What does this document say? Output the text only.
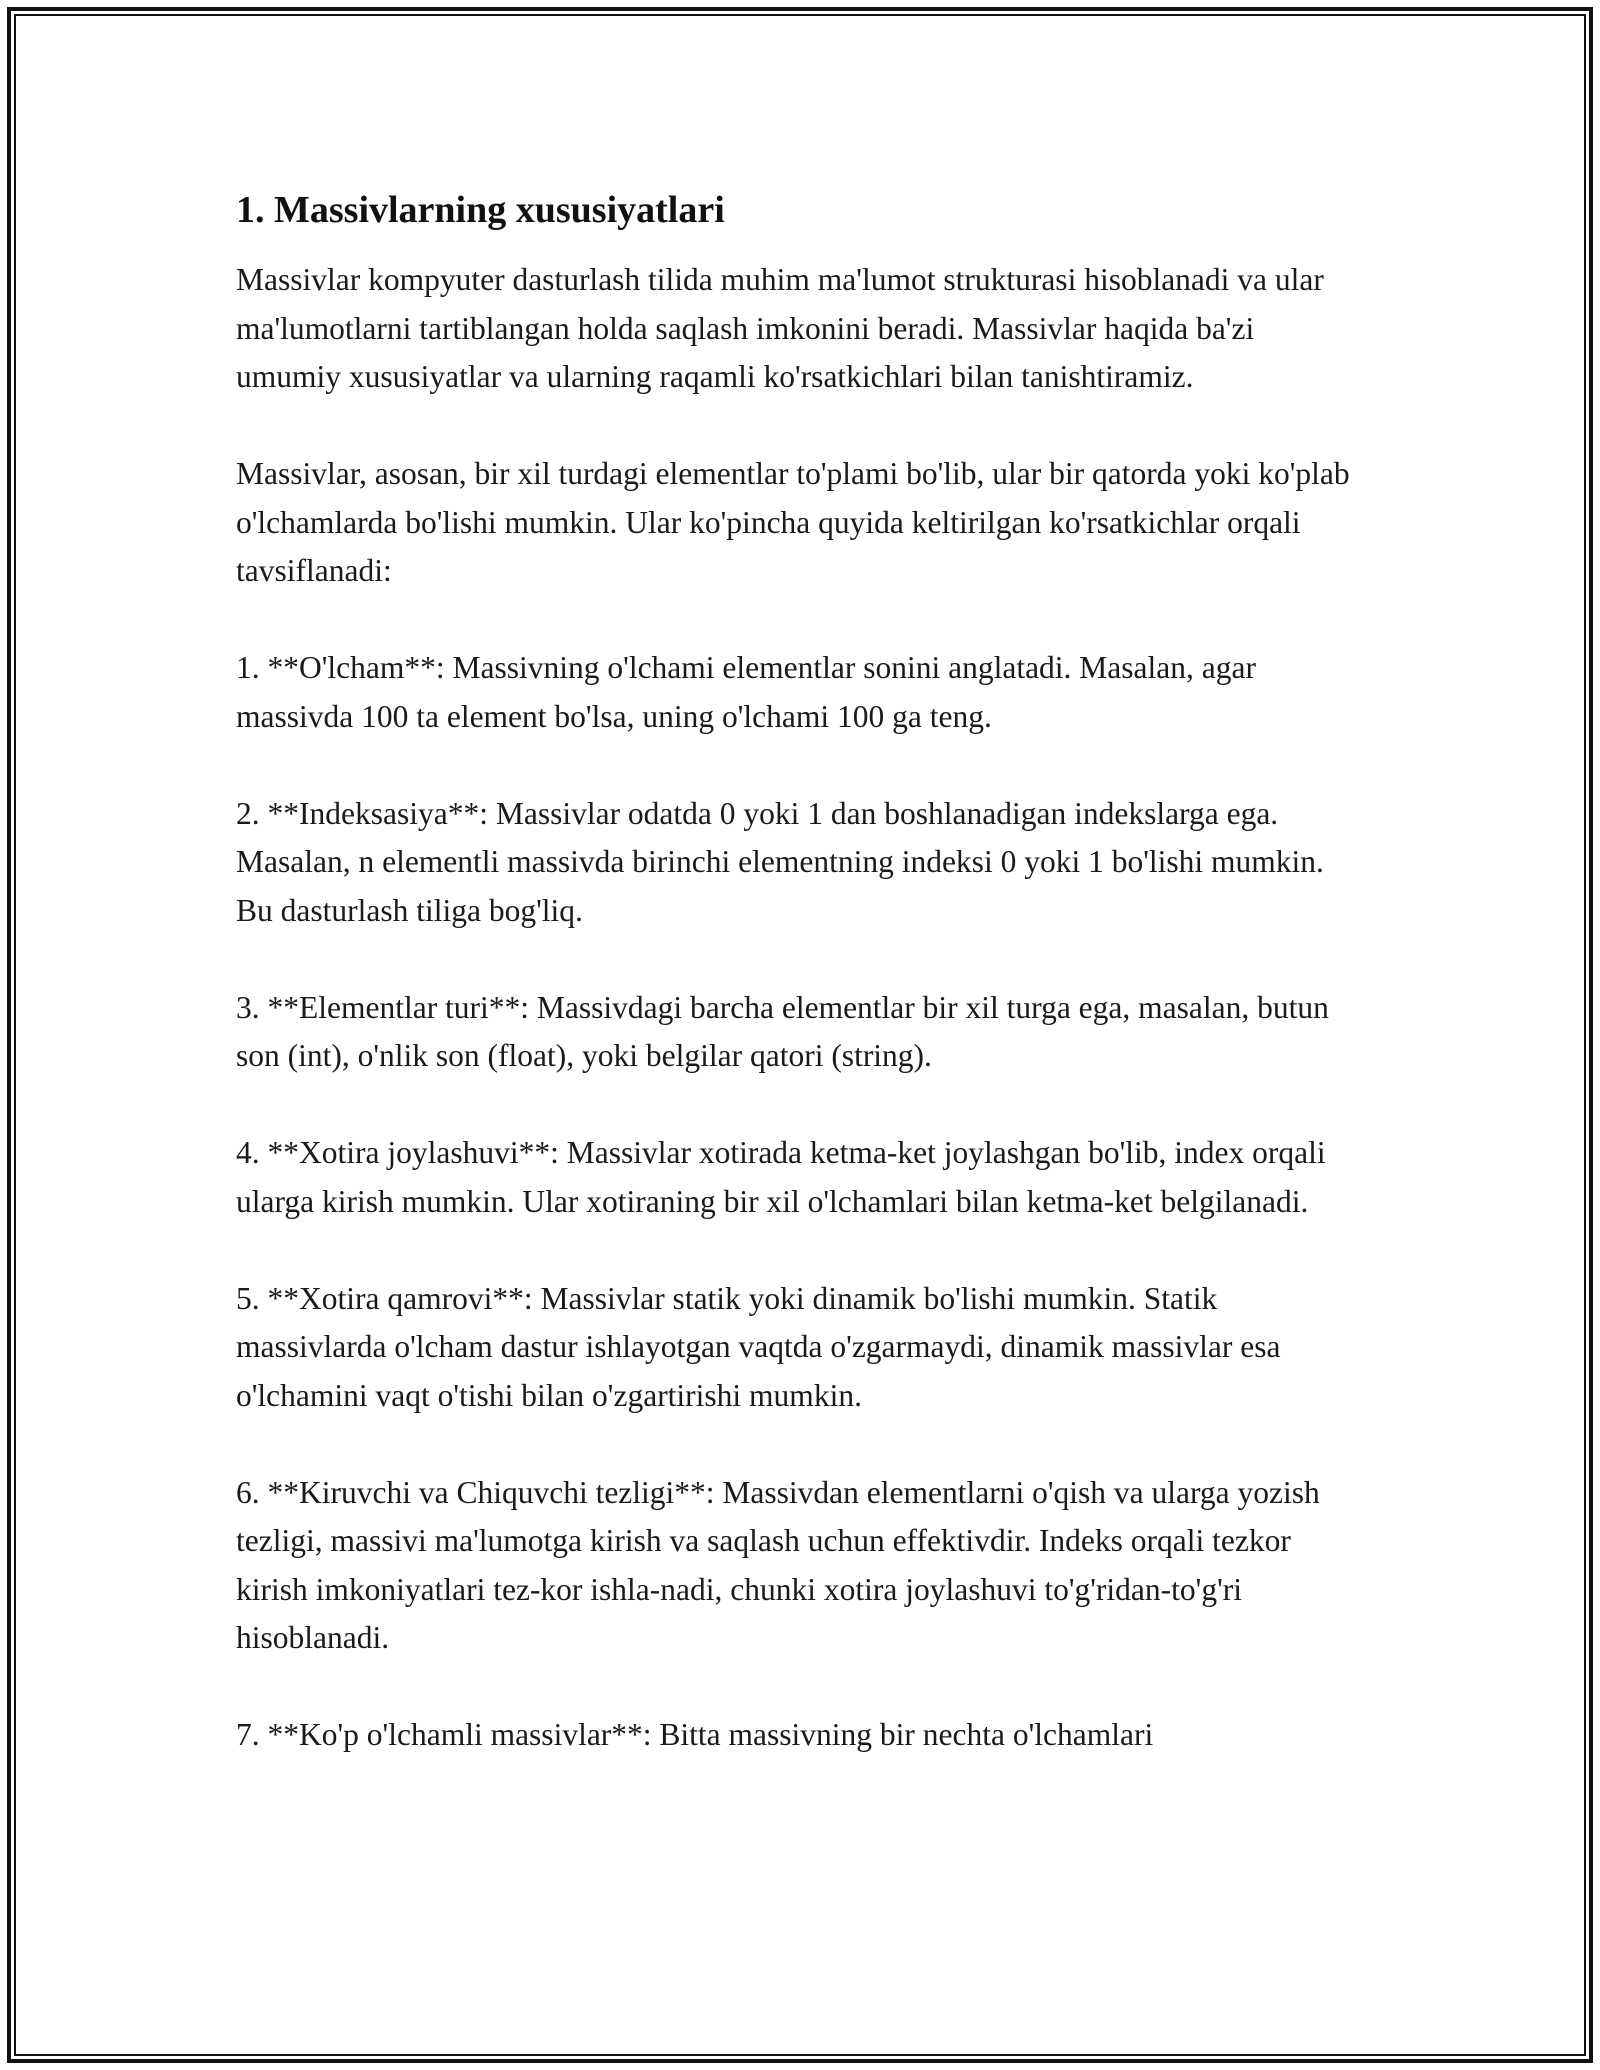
1. Massivlarning xususiyatlari

Massivlar kompyuter dasturlash tilida muhim ma'lumot strukturasi hisoblanadi va ular ma'lumotlarni tartiblangan holda saqlash imkonini beradi. Massivlar haqida ba'zi umumiy xususiyatlar va ularning raqamli ko'rsatkichlari bilan tanishtiramiz.

Massivlar, asosan, bir xil turdagi elementlar to'plami bo'lib, ular bir qatorda yoki ko'plab o'lchamlarda bo'lishi mumkin. Ular ko'pincha quyida keltirilgan ko'rsatkichlar orqali tavsiflanadi:

1. **O'lcham**: Massivning o'lchami elementlar sonini anglatadi. Masalan, agar massivda 100 ta element bo'lsa, uning o'lchami 100 ga teng.

2. **Indeksasiya**: Massivlar odatda 0 yoki 1 dan boshlanadigan indekslarga ega. Masalan, n elementli massivda birinchi elementning indeksi 0 yoki 1 bo'lishi mumkin. Bu dasturlash tiliga bog'liq.

3. **Elementlar turi**: Massivdagi barcha elementlar bir xil turga ega, masalan, butun son (int), o'nlik son (float), yoki belgilar qatori (string).

4. **Xotira joylashuvi**: Massivlar xotirada ketma-ket joylashgan bo'lib, index orqali ularga kirish mumkin. Ular xotiraning bir xil o'lchamlari bilan ketma-ket belgilanadi.

5. **Xotira qamrovi**: Massivlar statik yoki dinamik bo'lishi mumkin. Statik massivlarda o'lcham dastur ishlayotgan vaqtda o'zgarmaydi, dinamik massivlar esa o'lchamini vaqt o'tishi bilan o'zgartirishi mumkin.

6. **Kiruvchi va Chiquvchi tezligi**: Massivdan elementlarni o'qish va ularga yozish tezligi, massivi ma'lumotga kirish va saqlash uchun effektivdir. Indeks orqali tezkor kirish imkoniyatlari tez-kor ishla-nadi, chunki xotira joylashuvi to'g'ridan-to'g'ri hisoblanadi.

7. **Ko'p o'lchamli massivlar**: Bitta massivning bir nechta o'lchamlari
